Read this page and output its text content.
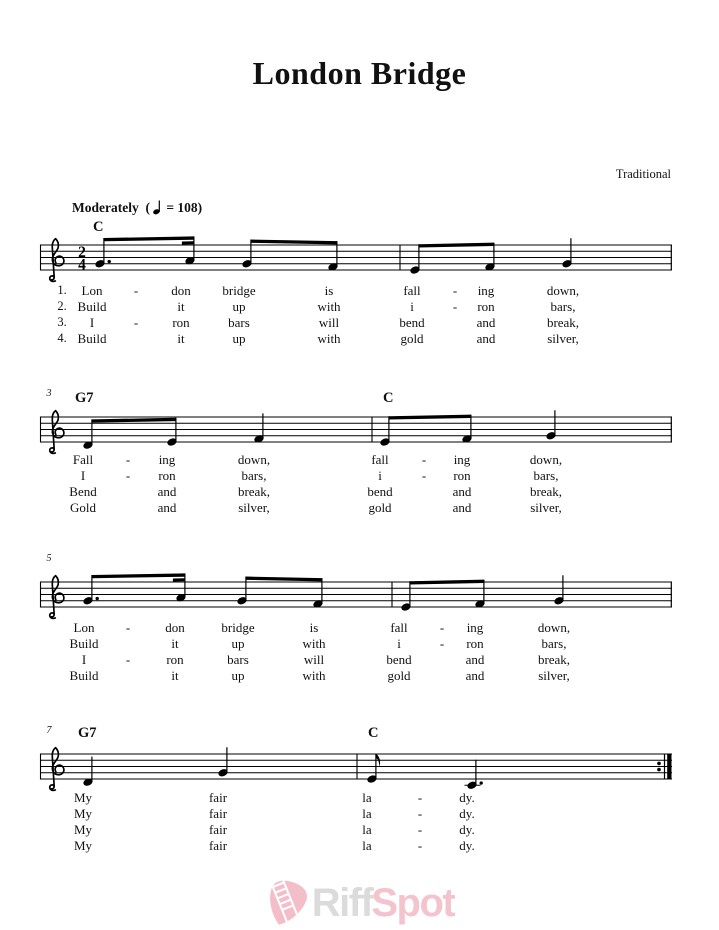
London Bridge
Traditional
Moderately ( = 108)
2
4
C
1. Lon -	don bridge	is	fall - ing	down,
2. Build	it	up	with	i	- ron	bars,
3. I	-	ron	bars	will	bend	and	break,
4. Build	it	up	with	gold	and	silver,
3 G7	C
Fall	- ing	down,	fall	- ing	down,
I	- ron	bars,	i	- ron	bars,
Bend	and	break,	bend	and	break,
Gold	and	silver,	gold	and	silver,
5
Lon -	don	bridge	is	fall - ing	down,
Build	it	up	with	i	- ron	bars,
I	-	ron	bars	will	bend	and	break,
Build	it	up	with	gold	and	silver,
7 G7	C
My	fair	la	-	dy.
My	fair	la	-	dy.
My	fair	la	-	dy.
My	fair	la	-	dy.
Riff Spot
